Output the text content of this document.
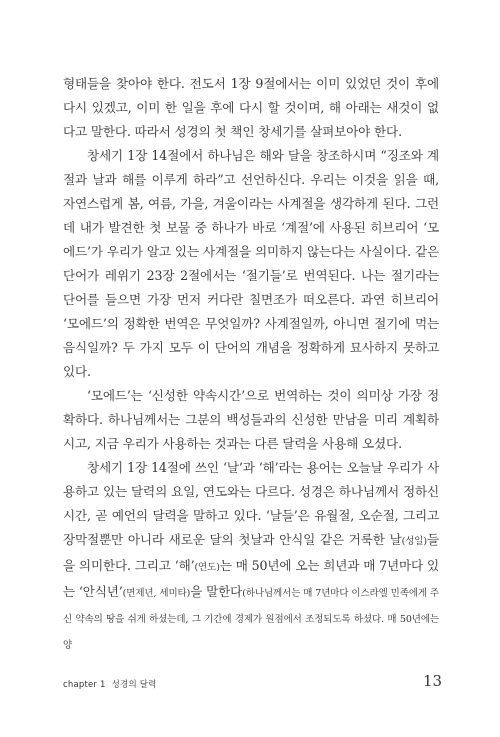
형태들을 찾아야 한다. 전도서 1장 9절에서는 이미 있었던 것이 후에 다시 있겠고, 이미 한 일을 후에 다시 할 것이며, 해 아래는 새것이 없다고 말한다. 따라서 성경의 첫 책인 창세기를 살펴보아야 한다.

창세기 1장 14절에서 하나님은 해와 달을 창조하시며 “징조와 계절과 날과 해를 이루게 하라”고 선언하신다. 우리는 이것을 읽을 때, 자연스럽게 봄, 여름, 가을, 겨울이라는 사계절을 생각하게 된다. 그런데 내가 발견한 첫 보물 중 하나가 바로 ‘계절’에 사용된 히브리어 ‘모에드’가 우리가 알고 있는 사계절을 의미하지 않는다는 사실이다. 같은 단어가 레위기 23장 2절에서는 ‘절기들’로 번역된다. 나는 절기라는 단어를 들으면 가장 먼저 커다란 칠면조가 떠오른다. 과연 히브리어 ‘모에드’의 정확한 번역은 무엇일까? 사계절일까, 아니면 절기에 먹는 음식일까? 두 가지 모두 이 단어의 개념을 정확하게 묘사하지 못하고 있다.

‘모에드’는 ‘신성한 약속시간’으로 번역하는 것이 의미상 가장 정확하다. 하나님께서는 그분의 백성들과의 신성한 만남을 미리 계획하시고, 지금 우리가 사용하는 것과는 다른 달력을 사용해 오셨다.

창세기 1장 14절에 쓰인 ‘날’과 ‘해’라는 용어는 오늘날 우리가 사용하고 있는 달력의 요일, 연도와는 다르다. 성경은 하나님께서 정하신 시간, 곧 예언의 달력을 말하고 있다. ‘날들’은 유월절, 오순절, 그리고 장막절뿐만 아니라 새로운 달의 첫날과 안식일 같은 거룩한 날(성일)들을 의미한다. 그리고 ‘해’(연도)는 매 50년에 오는 희년과 매 7년마다 있는 ‘안식년’(면제년, 세미타)을 말한다(하나님께서는 매 7년마다 이스라엘 민족에게 주신 약속의 땅을 쉬게 하셨는데, 그 기간에 경제가 원점에서 조정되도록 하셨다. 매 50년에는 양

chapter 1 성경의 달력	13
